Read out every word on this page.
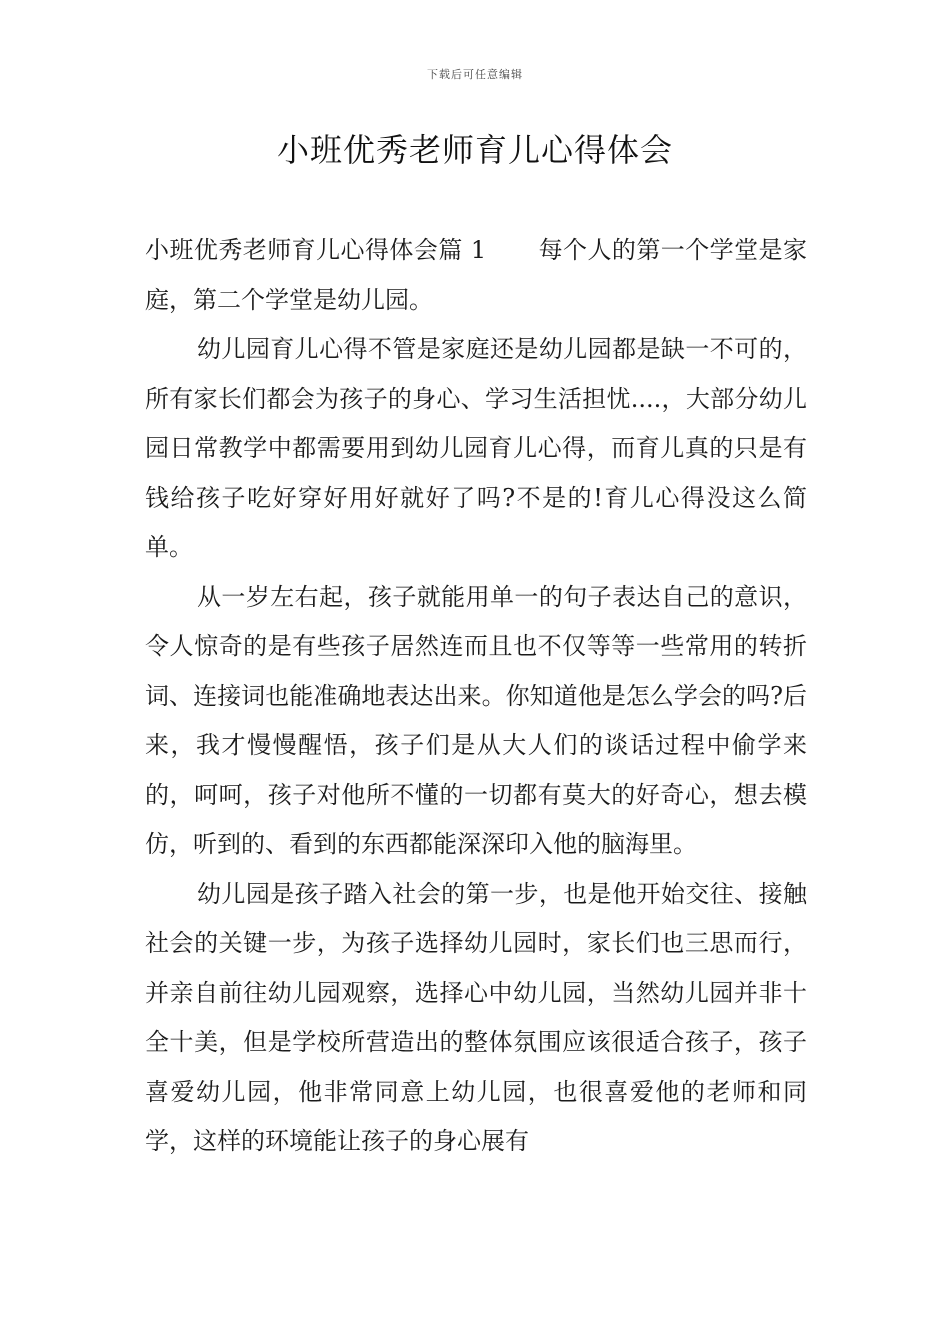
下载后可任意编辑
小班优秀老师育儿心得体会

小班优秀老师育儿心得体会篇 1 每个人的第一个学堂是家庭，第二个学堂是幼儿园。

幼儿园育儿心得不管是家庭还是幼儿园都是缺一不可的，所有家长们都会为孩子的身心、学习生活担忧....，大部分幼儿园日常教学中都需要用到幼儿园育儿心得，而育儿真的只是有钱给孩子吃好穿好用好就好了吗?不是的!育儿心得没这么简单。

从一岁左右起，孩子就能用单一的句子表达自己的意识，令人惊奇的是有些孩子居然连而且也不仅等等一些常用的转折词、连接词也能准确地表达出来。你知道他是怎么学会的吗?后来，我才慢慢醒悟，孩子们是从大人们的谈话过程中偷学来的，呵呵，孩子对他所不懂的一切都有莫大的好奇心，想去模仿，听到的、看到的东西都能深深印入他的脑海里。

幼儿园是孩子踏入社会的第一步，也是他开始交往、接触社会的关键一步，为孩子选择幼儿园时，家长们也三思而行，并亲自前往幼儿园观察，选择心中幼儿园，当然幼儿园并非十全十美，但是学校所营造出的整体氛围应该很适合孩子，孩子喜爱幼儿园，他非常同意上幼儿园，也很喜爱他的老师和同学，这样的环境能让孩子的身心展有
